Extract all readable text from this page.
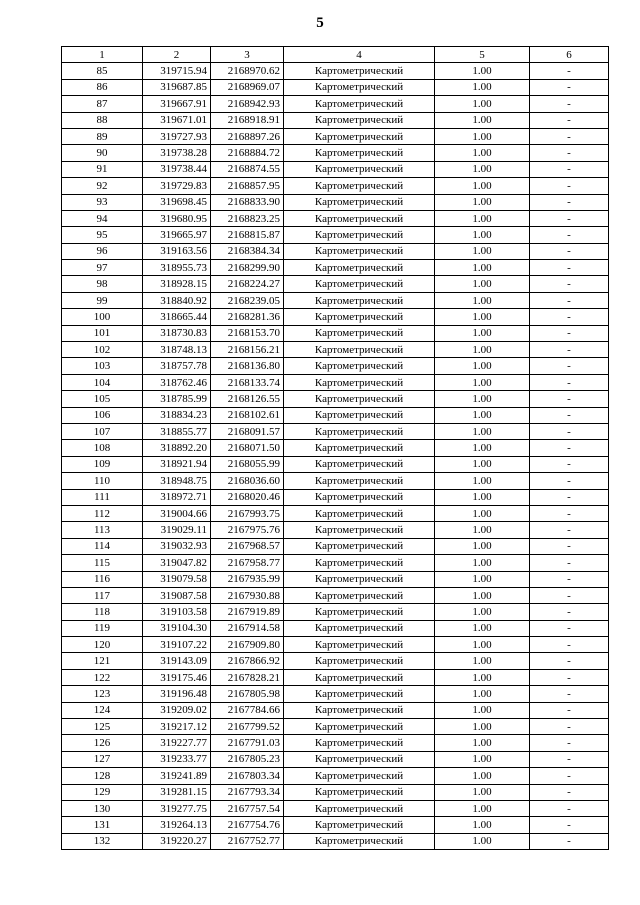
5
1	2	3	4	5	6
85	319715.94	2168970.62	Картометрический	1.00	-
86	319687.85	2168969.07	Картометрический	1.00	-
87	319667.91	2168942.93	Картометрический	1.00	-
88	319671.01	2168918.91	Картометрический	1.00	-
89	319727.93	2168897.26	Картометрический	1.00	-
90	319738.28	2168884.72	Картометрический	1.00	-
91	319738.44	2168874.55	Картометрический	1.00	-
92	319729.83	2168857.95	Картометрический	1.00	-
93	319698.45	2168833.90	Картометрический	1.00	-
94	319680.95	2168823.25	Картометрический	1.00	-
95	319665.97	2168815.87	Картометрический	1.00	-
96	319163.56	2168384.34	Картометрический	1.00	-
97	318955.73	2168299.90	Картометрический	1.00	-
98	318928.15	2168224.27	Картометрический	1.00	-
99	318840.92	2168239.05	Картометрический	1.00	-
100	318665.44	2168281.36	Картометрический	1.00	-
101	318730.83	2168153.70	Картометрический	1.00	-
102	318748.13	2168156.21	Картометрический	1.00	-
103	318757.78	2168136.80	Картометрический	1.00	-
104	318762.46	2168133.74	Картометрический	1.00	-
105	318785.99	2168126.55	Картометрический	1.00	-
106	318834.23	2168102.61	Картометрический	1.00	-
107	318855.77	2168091.57	Картометрический	1.00	-
108	318892.20	2168071.50	Картометрический	1.00	-
109	318921.94	2168055.99	Картометрический	1.00	-
110	318948.75	2168036.60	Картометрический	1.00	-
111	318972.71	2168020.46	Картометрический	1.00	-
112	319004.66	2167993.75	Картометрический	1.00	-
113	319029.11	2167975.76	Картометрический	1.00	-
114	319032.93	2167968.57	Картометрический	1.00	-
115	319047.82	2167958.77	Картометрический	1.00	-
116	319079.58	2167935.99	Картометрический	1.00	-
117	319087.58	2167930.88	Картометрический	1.00	-
118	319103.58	2167919.89	Картометрический	1.00	-
119	319104.30	2167914.58	Картометрический	1.00	-
120	319107.22	2167909.80	Картометрический	1.00	-
121	319143.09	2167866.92	Картометрический	1.00	-
122	319175.46	2167828.21	Картометрический	1.00	-
123	319196.48	2167805.98	Картометрический	1.00	-
124	319209.02	2167784.66	Картометрический	1.00	-
125	319217.12	2167799.52	Картометрический	1.00	-
126	319227.77	2167791.03	Картометрический	1.00	-
127	319233.77	2167805.23	Картометрический	1.00	-
128	319241.89	2167803.34	Картометрический	1.00	-
129	319281.15	2167793.34	Картометрический	1.00	-
130	319277.75	2167757.54	Картометрический	1.00	-
131	319264.13	2167754.76	Картометрический	1.00	-
132	319220.27	2167752.77	Картометрический	1.00	-
